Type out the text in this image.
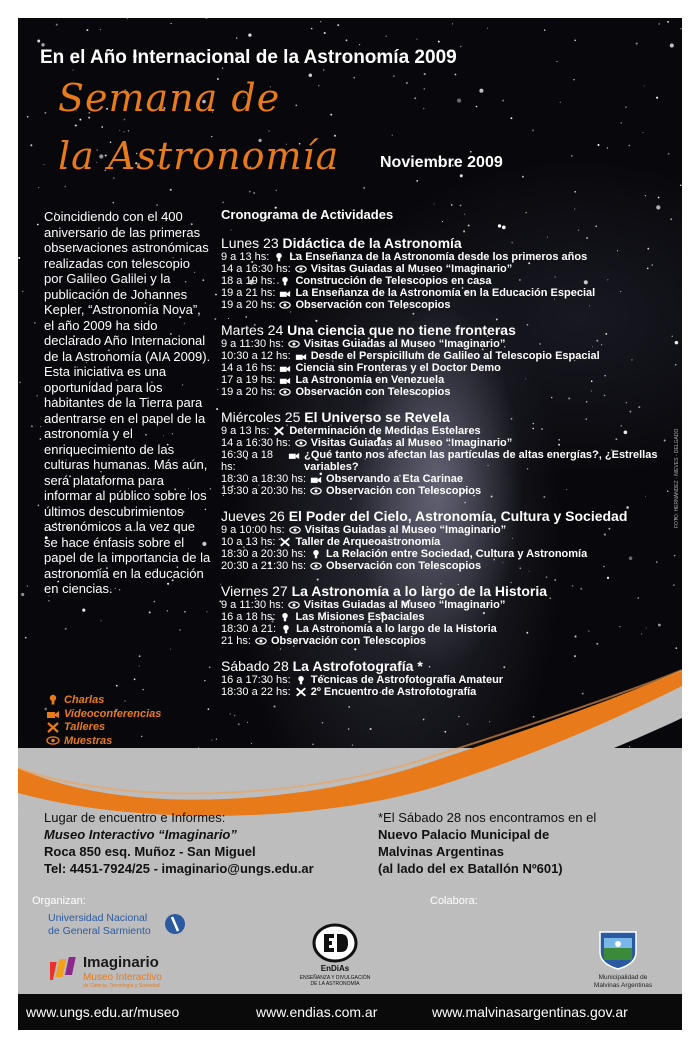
En el Año Internacional de la Astronomía 2009
Semana de
la Astronomía	Noviembre 2009
Coincidiendo con el 400 aniversario de las primeras observaciones astronómicas realizadas con telescopio por Galileo Galilei y la publicación de Johannes Kepler, “Astronomía Nova”, el año 2009 ha sido declarado Año Internacional de la Astronomía (AIA 2009). Esta iniciativa es una oportunidad para los habitantes de la Tierra para adentrarse en el papel de la astronomía y el enriquecimiento de las culturas humanas. Más aún, será plataforma para informar al público sobre los últimos descubrimientos astronómicos a la vez que se hace énfasis sobre el papel de la importancia de la astronomía en la educación en ciencias.
Charlas
Videoconferencias
Talleres
Muestras
Cronograma de Actividades
Lunes 23 Didáctica de la Astronomía
9 a 13 hs: La Enseñanza de la Astronomía desde los primeros años
14 a 16:30 hs: Visitas Guiadas al Museo “Imaginario”
18 a 19 hs: Construcción de Telescopios en casa
19 a 21 hs: La Enseñanza de la Astronomía en la Educación Especial
19 a 20 hs: Observación con Telescopios
Martes 24 Una ciencia que no tiene fronteras
9 a 11:30 hs: Visitas Guiadas al Museo “Imaginario”
10:30 a 12 hs: Desde el Perspicillum de Galileo al Telescopio Espacial
14 a 16 hs: Ciencia sin Fronteras y el Doctor Demo
17 a 19 hs: La Astronomía en Venezuela
19 a 20 hs: Observación con Telescopios
Miércoles 25 El Universo se Revela
9 a 13 hs: Determinación de Medidas Estelares
14 a 16:30 hs: Visitas Guiadas al Museo “Imaginario”
16:30 a 18 hs:
¿Qué tanto nos afectan las partículas de altas energías?, ¿Estrellas variables?
18:30 a 18:30 hs: Observando a Eta Carinae
19:30 a 20:30 hs: Observación con Telescopios
Jueves 26 El Poder del Cielo, Astronomía, Cultura y Sociedad
9 a 10:00 hs: Visitas Guiadas al Museo “Imaginario”
10 a 13 hs: Taller de Arqueoastronomía
18:30 a 20:30 hs: La Relación entre Sociedad, Cultura y Astronomía
20:30 a 21:30 hs: Observación con Telescopios
Viernes 27 La Astronomía a lo largo de la Historia
9 a 11:30 hs: Visitas Guiadas al Museo “Imaginario”
16 a 18 hs: Las Misiones Espaciales
18:30 a 21: La Astronomía a lo largo de la Historia
21 hs: Observación con Telescopios
Sábado 28 La Astrofotografía *
16 a 17:30 hs: Técnicas de Astrofotografía Amateur
18:30 a 22 hs: 2º Encuentro de Astrofotografía
FOTO: HERNÁNDEZ - NIEVES - DELGADO
Lugar de encuentro e Informes:
Museo Interactivo “Imaginario”
Roca 850 esq. Muñoz - San Miguel
Tel: 4451-7924/25 - imaginario@ungs.edu.ar
*El Sábado 28 nos encontramos en el
Nuevo Palacio Municipal de
Malvinas Argentinas
(al lado del ex Batallón Nº601)
Organizan:	Colabora:
Universidad Nacional
de General Sarmiento
Imaginario
Museo Interactivo
de Ciencia, Tecnología y Sociedad
EnDiAs
ENSEÑANZA Y DIVULGACIÓN
DE LA ASTRONOMÍA
Municipalidad de
Malvinas Argentinas
www.ungs.edu.ar/museo	www.endias.com.ar	www.malvinasargentinas.gov.ar
